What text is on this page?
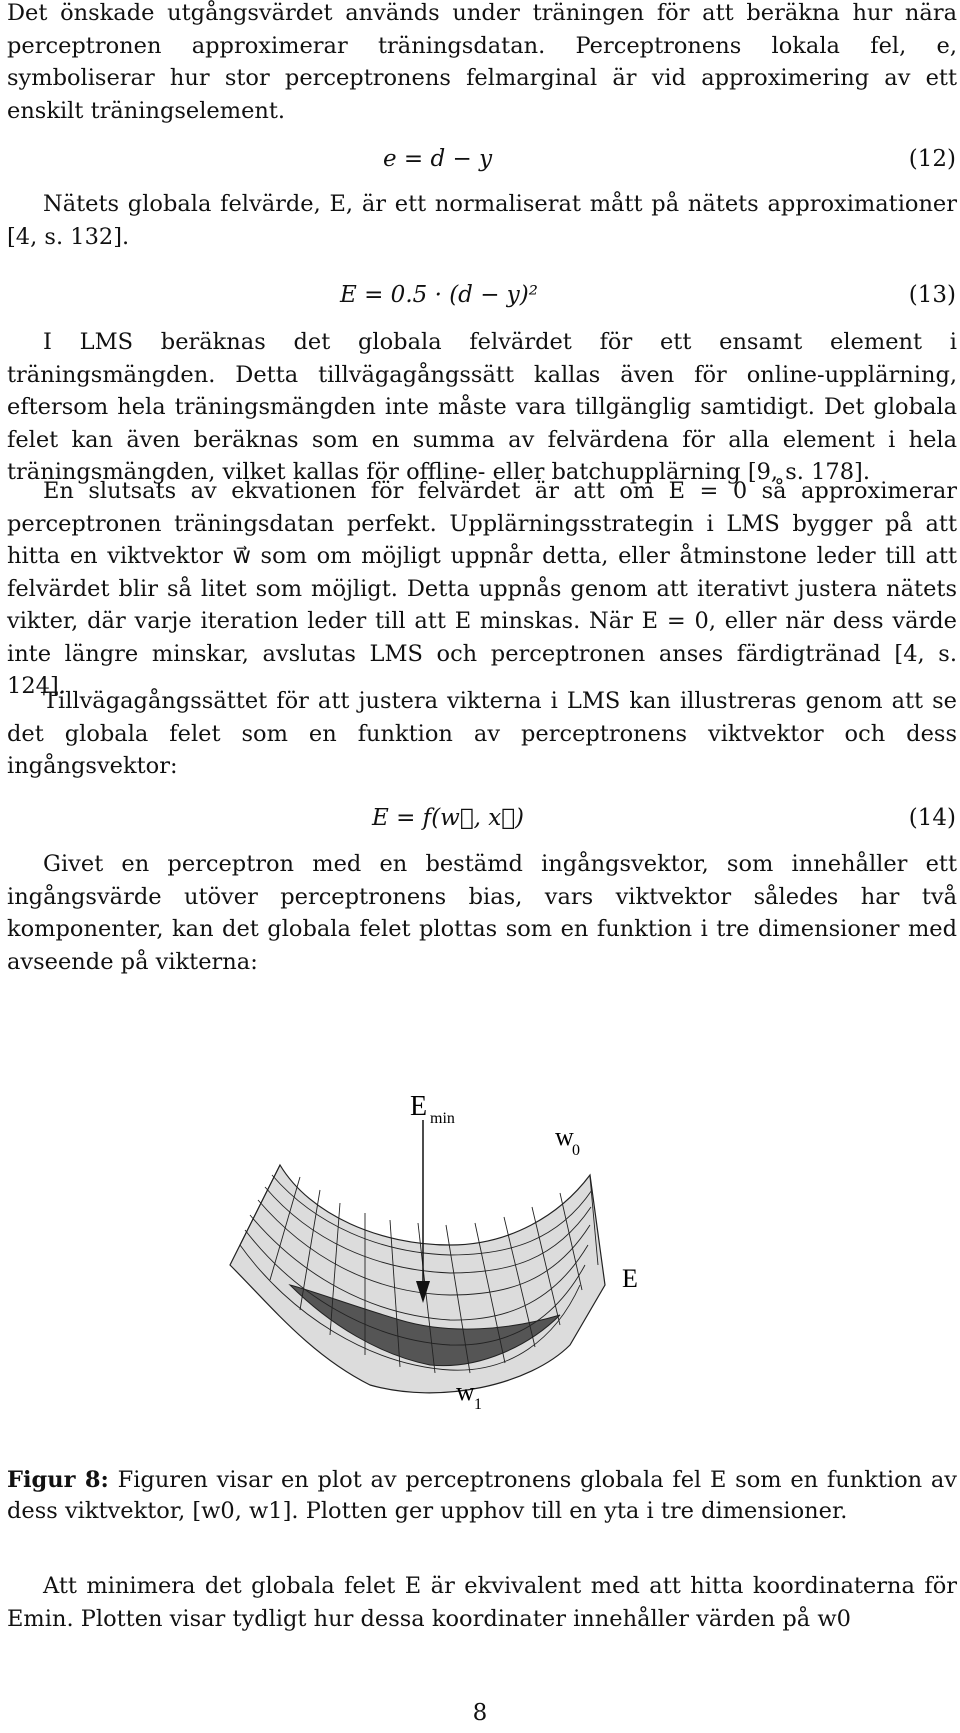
Det önskade utgångsvärdet används under träningen för att beräkna hur nära perceptronen approximerar träningsdatan. Perceptronens lokala fel, e, symboliserar hur stor perceptronens felmarginal är vid approximering av ett enskilt träningselement.

e = d − y	(12)

Nätets globala felvärde, E, är ett normaliserat mått på nätets approximationer [4, s. 132].

E = 0.5 · (d − y)²	(13)

I LMS beräknas det globala felvärdet för ett ensamt element i träningsmängden. Detta tillvägagångssätt kallas även för online-upplärning, eftersom hela träningsmängden inte måste vara tillgänglig samtidigt. Det globala felet kan även beräknas som en summa av felvärdena för alla element i hela träningsmängden, vilket kallas för offline- eller batchupplärning [9, s. 178].

En slutsats av ekvationen för felvärdet är att om E = 0 så approximerar perceptronen träningsdatan perfekt. Upplärningsstrategin i LMS bygger på att hitta en viktvektor w⃗ som om möjligt uppnår detta, eller åtminstone leder till att felvärdet blir så litet som möjligt. Detta uppnås genom att iterativt justera nätets vikter, där varje iteration leder till att E minskas. När E = 0, eller när dess värde inte längre minskar, avslutas LMS och perceptronen anses färdigtränad [4, s. 124].

Tillvägagångssättet för att justera vikterna i LMS kan illustreras genom att se det globala felet som en funktion av perceptronens viktvektor och dess ingångsvektor:

E = f(w⃗, x⃗)	(14)

Givet en perceptron med en bestämd ingångsvektor, som innehåller ett ingångsvärde utöver perceptronens bias, vars viktvektor således har två komponenter, kan det globala felet plottas som en funktion i tre dimensioner med avseende på vikterna:

E min
w
0
E
w 1

Figur 8: Figuren visar en plot av perceptronens globala fel E som en funktion av dess viktvektor, [w0, w1]. Plotten ger upphov till en yta i tre dimensioner.

Att minimera det globala felet E är ekvivalent med att hitta koordinaterna för Emin. Plotten visar tydligt hur dessa koordinater innehåller värden på w0

8
